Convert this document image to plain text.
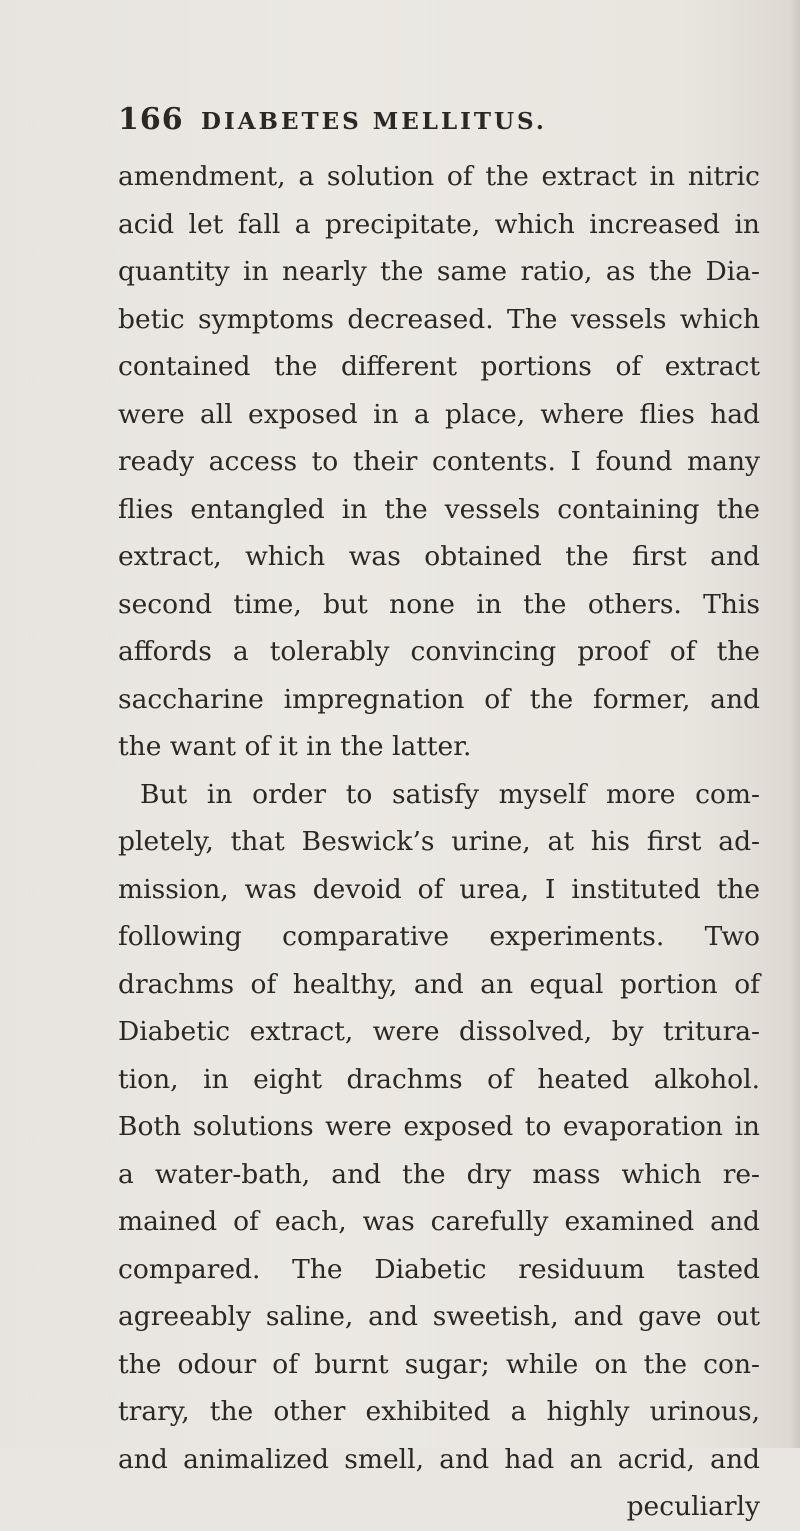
166 DIABETES MELLITUS.
amendment, a solution of the extract in nitric
acid let fall a precipitate, which increased in
quantity in nearly the same ratio, as the Dia-
betic symptoms decreased. The vessels which
contained the different portions of extract
were all exposed in a place, where flies had
ready access to their contents. I found many
flies entangled in the vessels containing the
extract, which was obtained the first and
second time, but none in the others. This
affords a tolerably convincing proof of the
saccharine impregnation of the former, and
the want of it in the latter.
But in order to satisfy myself more com-
pletely, that Beswick’s urine, at his first ad-
mission, was devoid of urea, I instituted the
following comparative experiments. Two
drachms of healthy, and an equal portion of
Diabetic extract, were dissolved, by tritura-
tion, in eight drachms of heated alkohol.
Both solutions were exposed to evaporation in
a water-bath, and the dry mass which re-
mained of each, was carefully examined and
compared. The Diabetic residuum tasted
agreeably saline, and sweetish, and gave out
the odour of burnt sugar; while on the con-
trary, the other exhibited a highly urinous,
and animalized smell, and had an acrid, and
peculiarly
